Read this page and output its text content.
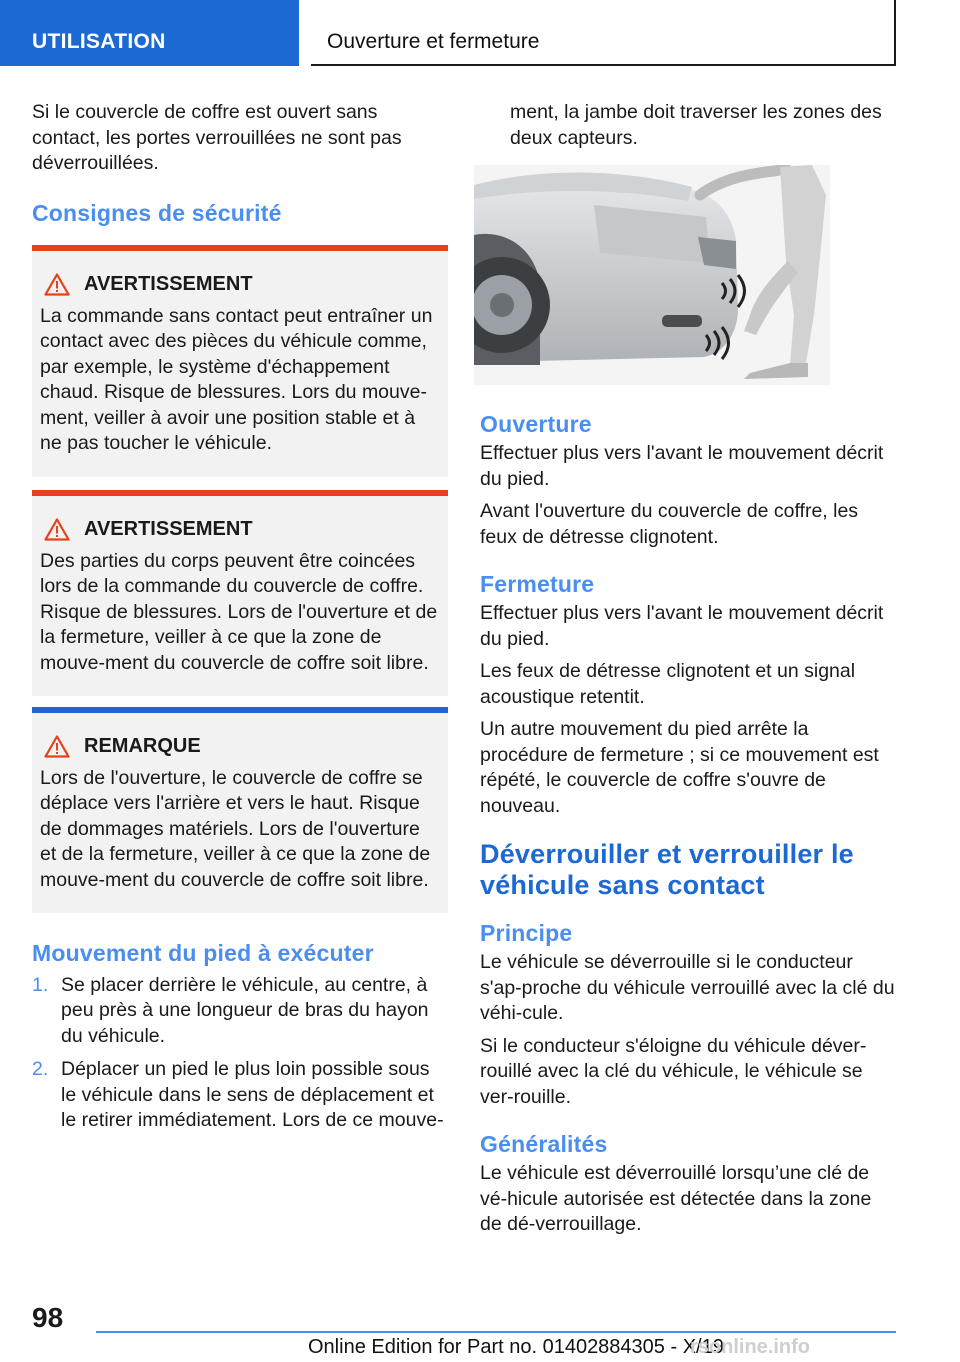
UTILISATION	Ouverture et fermeture

Si le couvercle de coffre est ouvert sans contact, les portes verrouillées ne sont pas déverrouillées.

Consignes de sécurité
AVERTISSEMENT

La commande sans contact peut entraîner un contact avec des pièces du véhicule comme, par exemple, le système d'échappement chaud. Risque de blessures. Lors du mouve-ment, veiller à avoir une position stable et à ne pas toucher le véhicule.

AVERTISSEMENT

Des parties du corps peuvent être coincées lors de la commande du couvercle de coffre. Risque de blessures. Lors de l'ouverture et de la fermeture, veiller à ce que la zone de mouve-ment du couvercle de coffre soit libre.

REMARQUE

Lors de l'ouverture, le couvercle de coffre se déplace vers l'arrière et vers le haut. Risque de dommages matériels. Lors de l'ouverture et de la fermeture, veiller à ce que la zone de mouve-ment du couvercle de coffre soit libre.

Mouvement du pied à exécuter
1. Se placer derrière le véhicule, au centre, à peu près à une longueur de bras du hayon du véhicule.
2. Déplacer un pied le plus loin possible sous le véhicule dans le sens de déplacement et le retirer immédiatement. Lors de ce mouve-

ment, la jambe doit traverser les zones des deux capteurs.

Ouverture

Effectuer plus vers l'avant le mouvement décrit du pied.

Avant l'ouverture du couvercle de coffre, les feux de détresse clignotent.

Fermeture

Effectuer plus vers l'avant le mouvement décrit du pied.

Les feux de détresse clignotent et un signal acoustique retentit.

Un autre mouvement du pied arrête la procédure de fermeture ; si ce mouvement est répété, le couvercle de coffre s'ouvre de nouveau.

Déverrouiller et verrouiller le véhicule sans contact
Principe

Le véhicule se déverrouille si le conducteur s'ap-proche du véhicule verrouillé avec la clé du véhi-cule.

Si le conducteur s'éloigne du véhicule déver-rouillé avec la clé du véhicule, le véhicule se ver-rouille.

Généralités

Le véhicule est déverrouillé lorsqu’une clé de vé-hicule autorisée est détectée dans la zone de dé-verrouillage.

98
Online Edition for Part no. 01402884305 - X/19
rsonline.info
